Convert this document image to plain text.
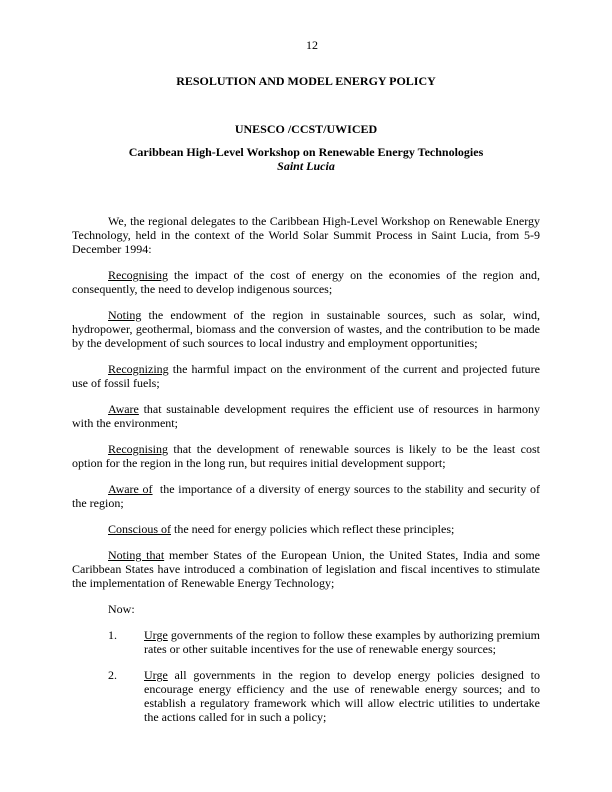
12
RESOLUTION AND MODEL ENERGY POLICY
UNESCO /CCST/UWICED
Caribbean High-Level Workshop on Renewable Energy Technologies
Saint Lucia

We, the regional delegates to the Caribbean High-Level Workshop on Renewable Energy Technology, held in the context of the World Solar Summit Process in Saint Lucia, from 5-9 December 1994:

Recognising the impact of the cost of energy on the economies of the region and, consequently, the need to develop indigenous sources;

Noting the endowment of the region in sustainable sources, such as solar, wind, hydropower, geothermal, biomass and the conversion of wastes, and the contribution to be made by the development of such sources to local industry and employment opportunities;

Recognizing the harmful impact on the environment of the current and projected future use of fossil fuels;

Aware that sustainable development requires the efficient use of resources in harmony with the environment;

Recognising that the development of renewable sources is likely to be the least cost option for the region in the long run, but requires initial development support;

Aware of  the importance of a diversity of energy sources to the stability and security of the region;

Conscious of the need for energy policies which reflect these principles;

Noting that member States of the European Union, the United States, India and some Caribbean States have introduced a combination of legislation and fiscal incentives to stimulate the implementation of Renewable Energy Technology;

Now:

1. Urge governments of the region to follow these examples by authorizing premium rates or other suitable incentives for the use of renewable energy sources;
2. Urge all governments in the region to develop energy policies designed to encourage energy efficiency and the use of renewable energy sources; and to establish a regulatory framework which will allow electric utilities to undertake the actions called for in such a policy;
